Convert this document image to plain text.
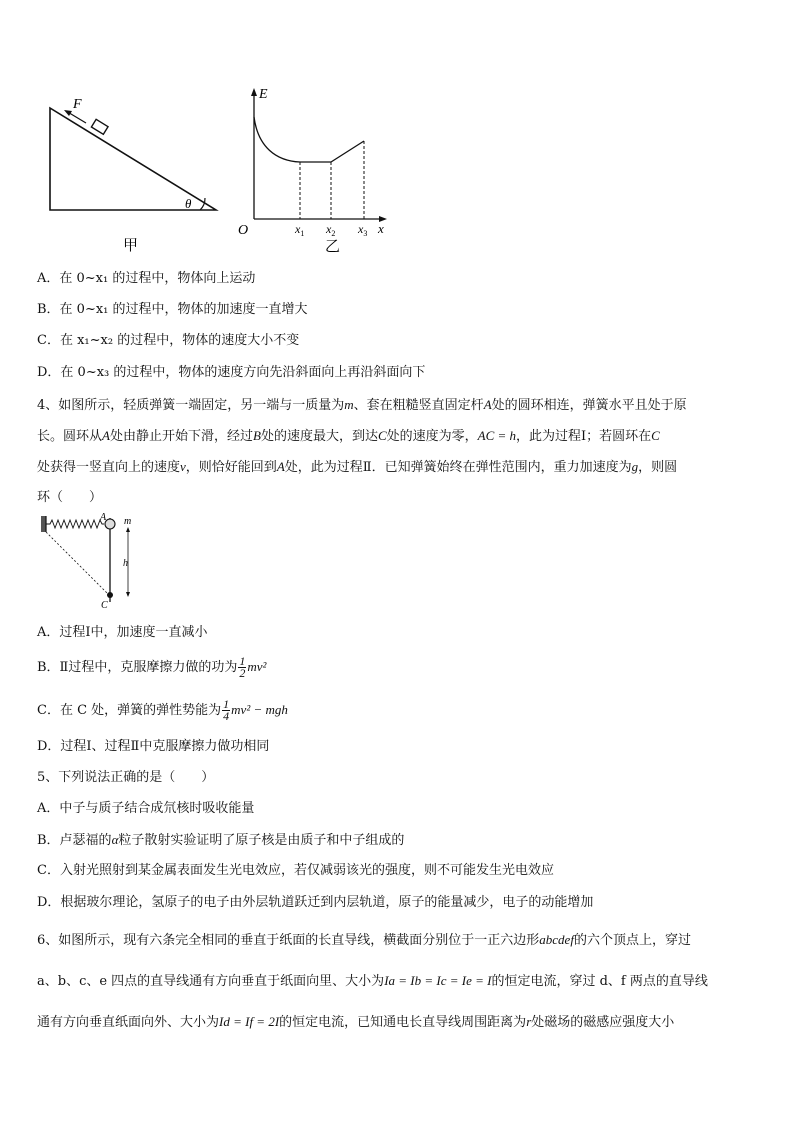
F
θ
甲
E
O	$x_1$ $x_2$ $x_3$ x
乙
A．在 0~x₁ 的过程中，物体向上运动
B．在 0~x₁ 的过程中，物体的加速度一直增大
C．在 x₁~x₂ 的过程中，物体的速度大小不变
D．在 0~x₃ 的过程中，物体的速度方向先沿斜面向上再沿斜面向下
4、如图所示，轻质弹簧一端固定，另一端与一质量为m、套在粗糙竖直固定杆A处的圆环相连，弹簧水平且处于原
长。圆环从A处由静止开始下滑，经过B处的速度最大，到达C处的速度为零，AC = h，此为过程Ⅰ；若圆环在C
处获得一竖直向上的速度v，则恰好能回到A处，此为过程Ⅱ．已知弹簧始终在弹性范围内，重力加速度为g，则圆
环（　　）
A m
h
C
A．过程Ⅰ中，加速度一直减小
B．Ⅱ过程中，克服摩擦力做的功为 $\frac{1}{2} mv^2$
C．在 C 处，弹簧的弹性势能为 $\frac{1}{4} mv^2$ − mgh
D．过程Ⅰ、过程Ⅱ中克服摩擦力做功相同
5、下列说法正确的是（　　）
A．中子与质子结合成氘核时吸收能量
B．卢瑟福的α粒子散射实验证明了原子核是由质子和中子组成的
C．入射光照射到某金属表面发生光电效应，若仅减弱该光的强度，则不可能发生光电效应
D．根据玻尔理论，氢原子的电子由外层轨道跃迁到内层轨道，原子的能量减少，电子的动能增加
6、如图所示，现有六条完全相同的垂直于纸面的长直导线，横截面分别位于一正六边形abcdef的六个顶点上，穿过
a、b、c、e 四点的直导线通有方向垂直于纸面向里、大小为Ia = Ib = Ic = Ie = I的恒定电流，穿过 d、f 两点的直导线
通有方向垂直纸面向外、大小为Id = If = 2I的恒定电流，已知通电长直导线周围距离为r处磁场的磁感应强度大小
